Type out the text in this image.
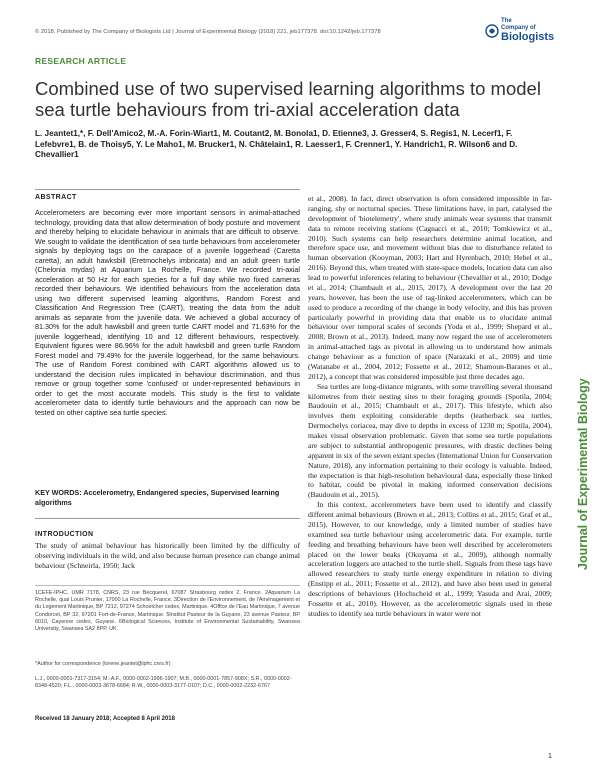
© 2018. Published by The Company of Biologists Ltd | Journal of Experimental Biology (2018) 221, jeb177378. doi:10.1242/jeb.177378
The
Company of
Biologists
RESEARCH ARTICLE
Combined use of two supervised learning algorithms to model sea turtle behaviours from tri-axial acceleration data
L. Jeantet1,*, F. Dell'Amico2, M.-A. Forin-Wiart1, M. Coutant2, M. Bonola1, D. Etienne3, J. Gresser4, S. Regis1, N. Lecerf1, F. Lefebvre1, B. de Thoisy5, Y. Le Maho1, M. Brucker1, N. Châtelain1, R. Laesser1, F. Crenner1, Y. Handrich1, R. Wilson6 and D. Chevallier1
ABSTRACT
Accelerometers are becoming ever more important sensors in animal-attached technology, providing data that allow determination of body posture and movement and thereby helping to elucidate behaviour in animals that are difficult to observe. We sought to validate the identification of sea turtle behaviours from accelerometer signals by deploying tags on the carapace of a juvenile loggerhead (Caretta caretta), an adult hawksbill (Eretmochelys imbricata) and an adult green turtle (Chelonia mydas) at Aquarium La Rochelle, France. We recorded tri-axial acceleration at 50 Hz for each species for a full day while two fixed cameras recorded their behaviours. We identified behaviours from the acceleration data using two different supervised learning algorithms, Random Forest and Classification And Regression Tree (CART), treating the data from the adult animals as separate from the juvenile data. We achieved a global accuracy of 81.30% for the adult hawksbill and green turtle CART model and 71.63% for the juvenile loggerhead, identifying 10 and 12 different behaviours, respectively. Equivalent figures were 86.96% for the adult hawksbill and green turtle Random Forest model and 79.49% for the juvenile loggerhead, for the same behaviours. The use of Random Forest combined with CART algorithms allowed us to understand the decision rules implicated in behaviour discrimination, and thus remove or group together some 'confused' or under-represented behaviours in order to get the most accurate models. This study is the first to validate accelerometer data to identify turtle behaviours and the approach can now be tested on other captive sea turtle species.
KEY WORDS: Accelerometry, Endangered species, Supervised learning algorithms
INTRODUCTION
The study of animal behaviour has historically been limited by the difficulty of observing individuals in the wild, and also because human presence can change animal behaviour (Schneirla, 1950; Jack
1CEFE-IPHC, UMR 7178, CNRS, 23 rue Becquerel, 67087 Strasbourg cedex 2, France. 2Aquarium La Rochelle, quai Louis Prunier, 17000 La Rochelle, France. 3Direction de l'Environnement, de l'Aménagement et du Logement Martinique, BP 7212, 97274 Schoelcher cedex, Martinique. 4Office de l'Eau Martinique, 7 avenue Condorcet, BP 32, 97201 Fort-de-France, Martinique. 5Institut Pasteur de la Guyane, 23 avenue Pasteur, BP 6010, Cayenne cedex, Guyane. 6Biological Sciences, Institute of Environmental Sustainability, Swansea University, Swansea SA2 8PP, UK.
*Author for correspondence (lorene.jeantet@iphc.cnrs.fr)
L.J., 0000-0001-7317-3154; M.-A.F., 0000-0002-1996-1907; M.B., 0000-0001-7857-908X; S.R., 0000-0002-8348-4520; F.L., 0000-0003-3678-6684; R.W., 0000-0003-3177-0107; D.C., 0000-0002-2232-6767
Received 18 January 2018; Accepted 8 April 2018

et al., 2008). In fact, direct observation is often considered impossible in far-ranging, shy or nocturnal species. These limitations have, in part, catalysed the development of 'biotelemetry', where study animals wear systems that transmit data to remote receiving stations (Cagnacci et al., 2010; Tomkiewicz et al., 2010). Such systems can help researchers determine animal location, and therefore space use, and movement without bias due to disturbance related to human observation (Kooyman, 2003; Hart and Hyrenbach, 2010; Hebel et al., 2016). Beyond this, when treated with state-space models, location data can also lead to powerful inferences relating to behaviour (Chevallier et al., 2010; Dodge et al., 2014; Chambault et al., 2015, 2017). A development over the last 20 years, however, has been the use of tag-linked accelerometers, which can be used to produce a recording of the change in body velocity, and this has proven particularly powerful in providing data that enable us to elucidate animal behaviour over temporal scales of seconds (Yoda et al., 1999; Shepard et al., 2008; Brown et al., 2013). Indeed, many now regard the use of accelerometers in animal-attached tags as pivotal in allowing us to understand how animals change behaviour as a function of space (Narazaki et al., 2009) and time (Watanabe et al., 2004, 2012; Fossette et al., 2012; Shamoun-Baranes et al., 2012), a concept that was considered impossible just three decades ago.

Sea turtles are long-distance migrants, with some travelling several thousand kilometres from their nesting sites to their foraging grounds (Spotila, 2004; Baudouin et al., 2015; Chambault et al., 2017). This lifestyle, which also involves them exploiting considerable depths (leatherback sea turtles, Dermochelys coriacea, may dive to depths in excess of 1230 m; Spotila, 2004), makes visual observation problematic. Given that some sea turtle populations are subject to substantial anthropogenic pressures, with drastic declines being apparent in six of the seven extant species (International Union for Conservation Nature, 2018), any information pertaining to their ecology is valuable. Indeed, the expectation is that high-resolution behavioural data, especially those linked to habitat, could be pivotal in making informed conservation decisions (Baudouin et al., 2015).

In this context, accelerometers have been used to identify and classify different animal behaviours (Brown et al., 2013; Collins et al., 2015; Graf et al., 2015). However, to our knowledge, only a limited number of studies have examined sea turtle behaviour using accelerometric data. For example, turtle feeding and breathing behaviours have been well described by accelerometers placed on the lower beaks (Okuyama et al., 2009), although normally acceleration loggers are attached to the turtle shell. Signals from these tags have allowed researchers to study turtle energy expenditure in relation to diving (Enstipp et al., 2011; Fossette et al., 2012), and have also been used in general descriptions of behaviours (Hochscheid et al., 1999; Yasuda and Arai, 2009; Fossette et al., 2010). However, as the accelerometric signals used in these studies to identify sea turtle behaviours in water were not

Journal of Experimental Biology
1
